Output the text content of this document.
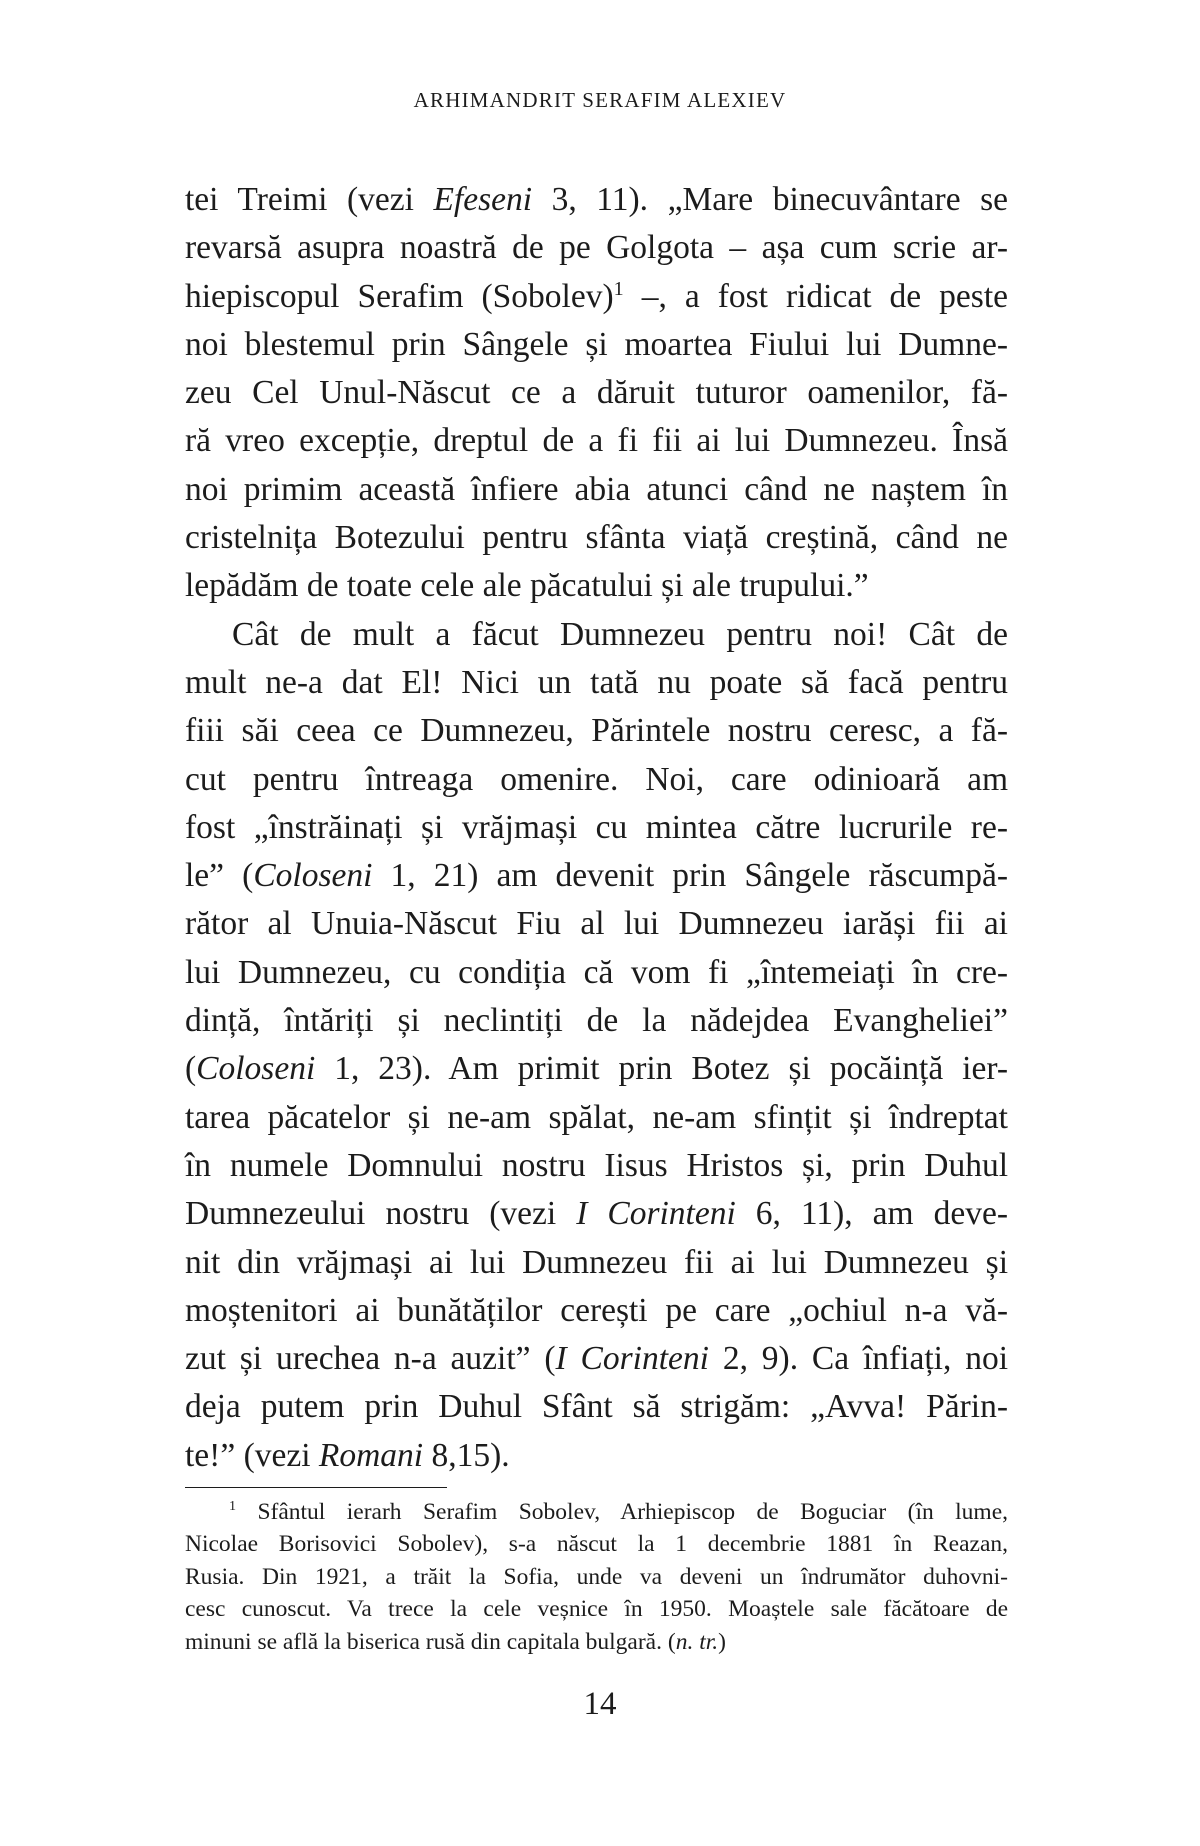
ARHIMANDRIT SERAFIM ALEXIEV
tei Treimi (vezi Efeseni 3, 11). „Mare binecuvântare se
revarsă asupra noastră de pe Golgota – așa cum scrie ar-
hiepiscopul Serafim (Sobolev)$^1$ –, a fost ridicat de peste
noi blestemul prin Sângele și moartea Fiului lui Dumne-
zeu Cel Unul-Născut ce a dăruit tuturor oamenilor, fă-
ră vreo excepție, dreptul de a fi fii ai lui Dumnezeu. Însă
noi primim această înfiere abia atunci când ne naștem în
cristelnița Botezului pentru sfânta viață creștină, când ne
lepădăm de toate cele ale păcatului și ale trupului.”
Cât de mult a făcut Dumnezeu pentru noi! Cât de
mult ne-a dat El! Nici un tată nu poate să facă pentru
fiii săi ceea ce Dumnezeu, Părintele nostru ceresc, a fă-
cut pentru întreaga omenire. Noi, care odinioară am
fost „înstrăinați și vrăjmași cu mintea către lucrurile re-
le” (Coloseni 1, 21) am devenit prin Sângele răscumpă-
rător al Unuia-Născut Fiu al lui Dumnezeu iarăși fii ai
lui Dumnezeu, cu condiția că vom fi „întemeiați în cre-
dință, întăriți și neclintiți de la nădejdea Evangheliei”
(Coloseni 1, 23). Am primit prin Botez și pocăință ier-
tarea păcatelor și ne-am spălat, ne-am sfințit și îndreptat
în numele Domnului nostru Iisus Hristos și, prin Duhul
Dumnezeului nostru (vezi I Corinteni 6, 11), am deve-
nit din vrăjmași ai lui Dumnezeu fii ai lui Dumnezeu și
moștenitori ai bunătăților cerești pe care „ochiul n-a vă-
zut și urechea n-a auzit” (I Corinteni 2, 9). Ca înfiați, noi
deja putem prin Duhul Sfânt să strigăm: „Avva! Părin-
te!” (vezi Romani 8,15).
$^1$ Sfântul ierarh Serafim Sobolev, Arhiepiscop de Boguciar (în lume,
Nicolae Borisovici Sobolev), s-a născut la 1 decembrie 1881 în Reazan,
Rusia. Din 1921, a trăit la Sofia, unde va deveni un îndrumător duhovni-
cesc cunoscut. Va trece la cele veșnice în 1950. Moaștele sale făcătoare de
minuni se află la biserica rusă din capitala bulgară. (n. tr.)
14
